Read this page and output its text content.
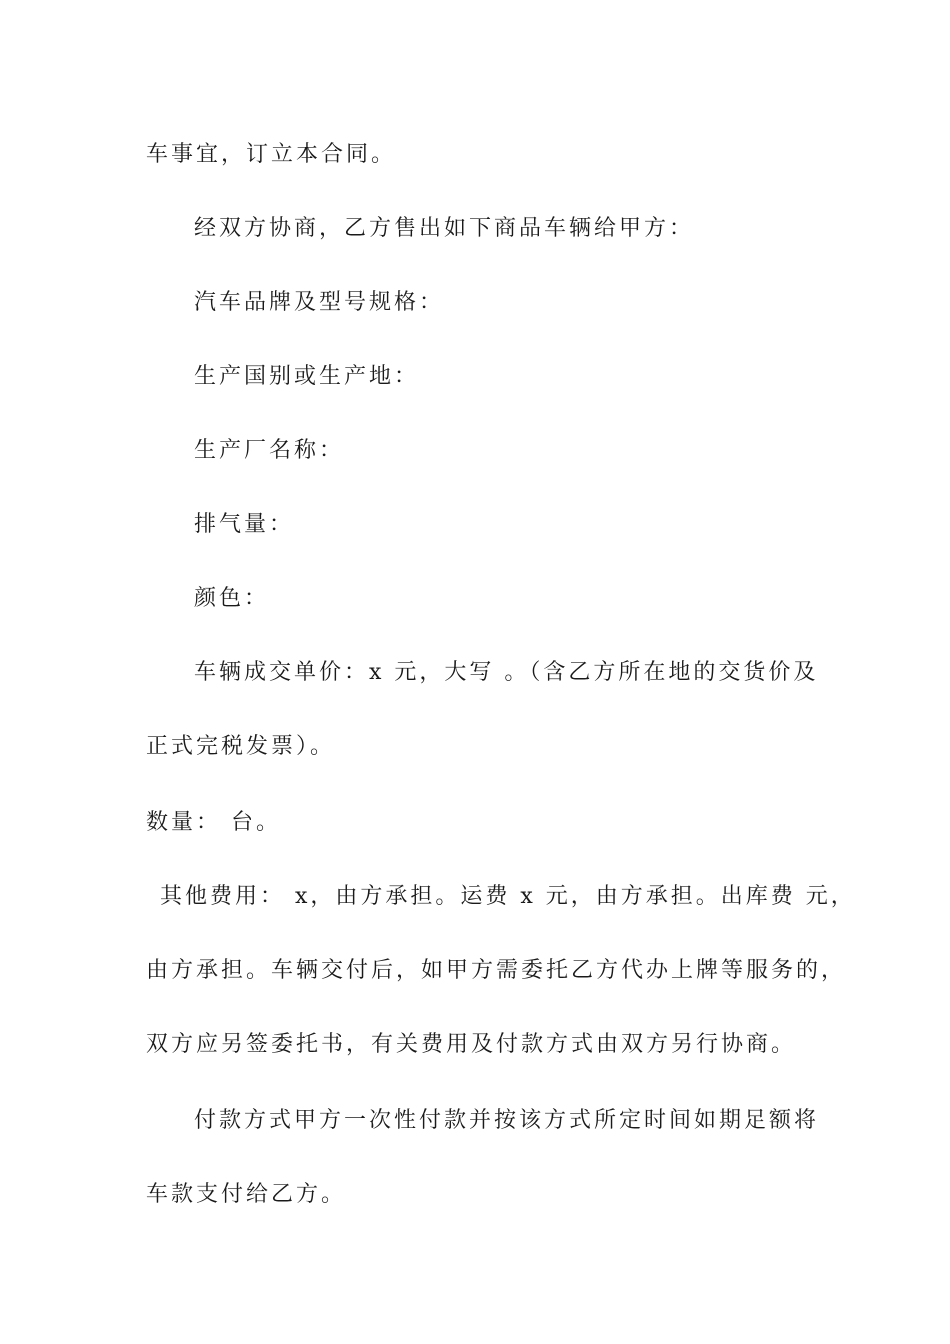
车事宜，订立本合同。
经双方协商，乙方售出如下商品车辆给甲方：
汽车品牌及型号规格：
生产国别或生产地：
生产厂名称：
排气量：
颜色：
车辆成交单价：x 元，大写 。（含乙方所在地的交货价及
正式完税发票）。
数量： 台。
其他费用： x，由方承担。运费 x 元，由方承担。出库费 元，
由方承担。车辆交付后，如甲方需委托乙方代办上牌等服务的，
双方应另签委托书，有关费用及付款方式由双方另行协商。
付款方式甲方一次性付款并按该方式所定时间如期足额将
车款支付给乙方。
